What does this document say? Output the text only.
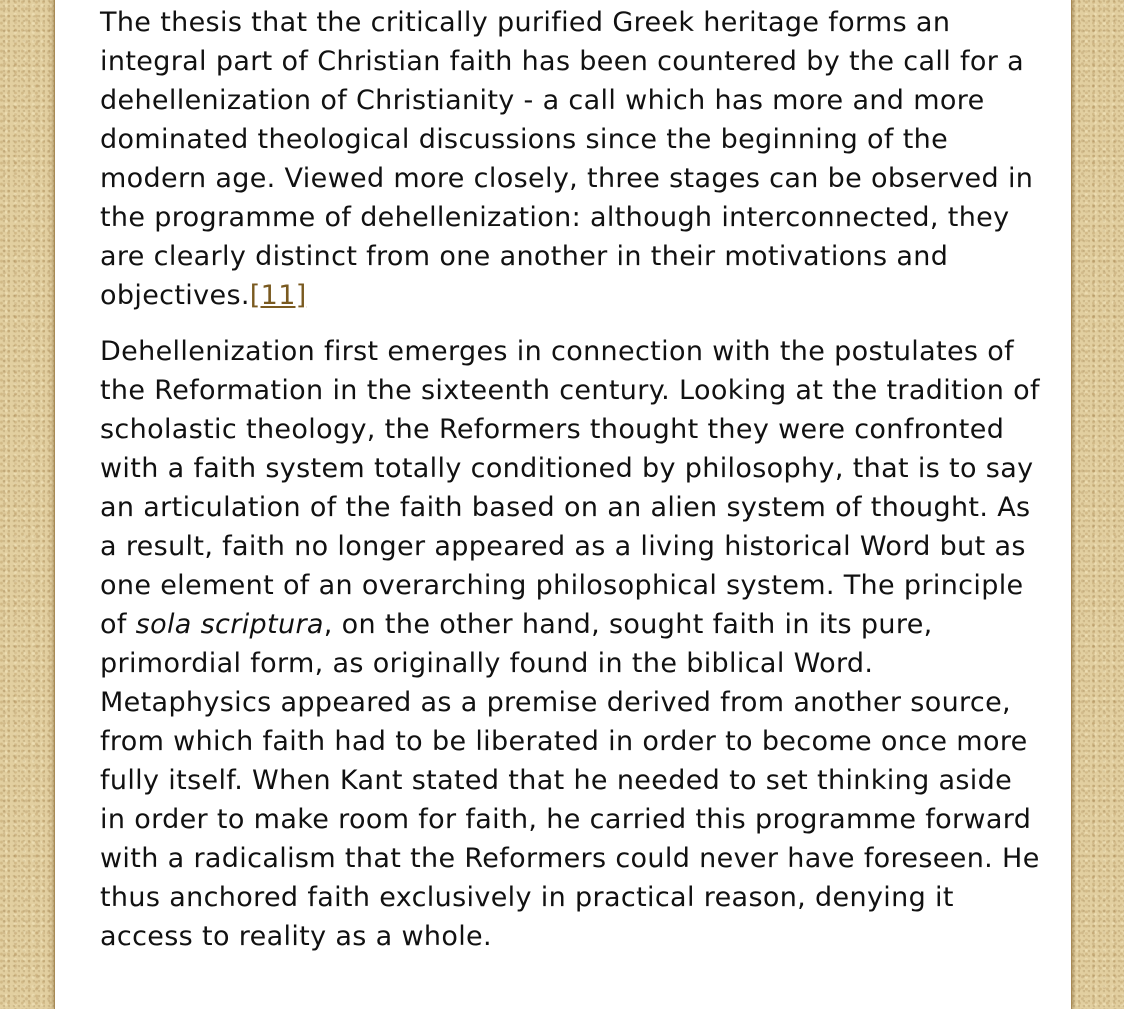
The thesis that the critically purified Greek heritage forms an integral part of Christian faith has been countered by the call for a dehellenization of Christianity - a call which has more and more dominated theological discussions since the beginning of the modern age. Viewed more closely, three stages can be observed in the programme of dehellenization: although interconnected, they are clearly distinct from one another in their motivations and objectives.[11]

Dehellenization first emerges in connection with the postulates of the Reformation in the sixteenth century. Looking at the tradition of scholastic theology, the Reformers thought they were confronted with a faith system totally conditioned by philosophy, that is to say an articulation of the faith based on an alien system of thought. As a result, faith no longer appeared as a living historical Word but as one element of an overarching philosophical system. The principle of sola scriptura, on the other hand, sought faith in its pure, primordial form, as originally found in the biblical Word. Metaphysics appeared as a premise derived from another source, from which faith had to be liberated in order to become once more fully itself. When Kant stated that he needed to set thinking aside in order to make room for faith, he carried this programme forward with a radicalism that the Reformers could never have foreseen. He thus anchored faith exclusively in practical reason, denying it access to reality as a whole.
